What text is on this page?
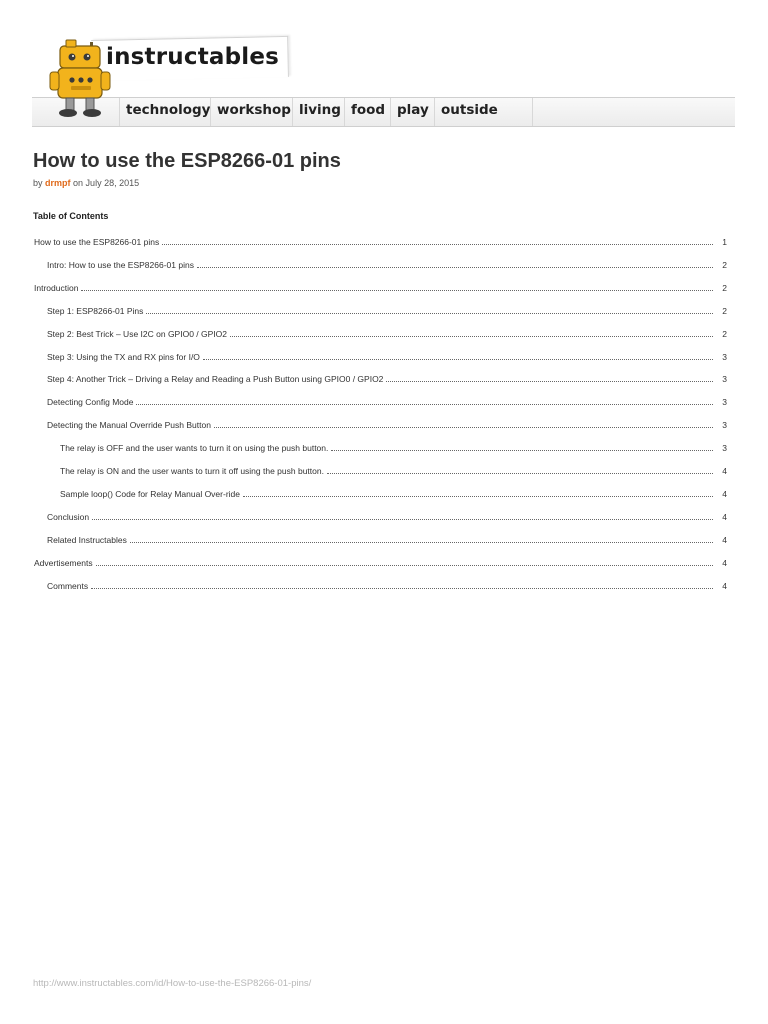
instructables
technology workshop living food play outside
How to use the ESP8266-01 pins
by drmpf on July 28, 2015
Table of Contents
How to use the ESP8266-01 pins	1
Intro: How to use the ESP8266-01 pins	2
Introduction	2
Step 1: ESP8266-01 Pins	2
Step 2: Best Trick – Use I2C on GPIO0 / GPIO2	2
Step 3: Using the TX and RX pins for I/O	3
Step 4: Another Trick – Driving a Relay and Reading a Push Button using GPIO0 / GPIO2	3
Detecting Config Mode	3
Detecting the Manual Override Push Button	3
The relay is OFF and the user wants to turn it on using the push button.	3
The relay is ON and the user wants to turn it off using the push button.	4
Sample loop() Code for Relay Manual Over-ride	4
Conclusion	4
Related Instructables	4
Advertisements	4
Comments	4
http://www.instructables.com/id/How-to-use-the-ESP8266-01-pins/
